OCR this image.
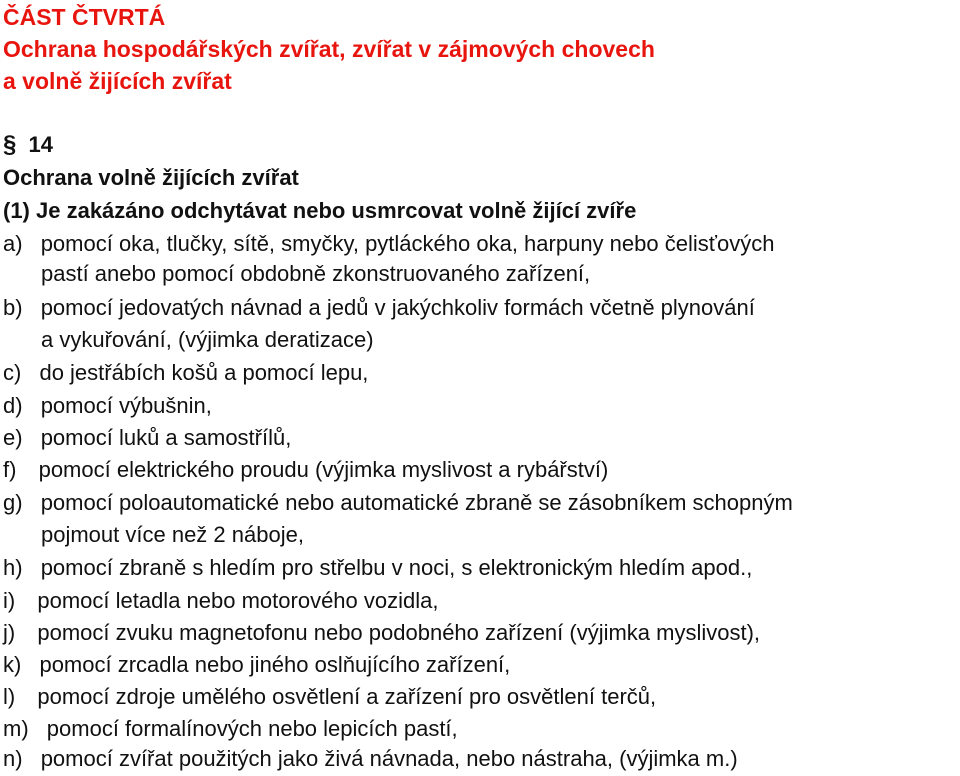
ČÁST ČTVRTÁ
Ochrana hospodářských zvířat, zvířat v zájmových chovech
a volně žijících zvířat
§ 14
Ochrana volně žijících zvířat
(1) Je zakázáno odchytávat nebo usmrcovat volně žijící zvíře
a) pomocí oka, tlučky, sítě, smyčky, pytláckého oka, harpuny nebo čelisťových
pastí anebo pomocí obdobně zkonstruovaného zařízení,
b) pomocí jedovatých návnad a jedů v jakýchkoliv formách včetně plynování
a vykuřování, (výjimka deratizace)
c) do jestřábích košů a pomocí lepu,
d) pomocí výbušnin,
e) pomocí luků a samostřílů,
f) pomocí elektrického proudu (výjimka myslivost a rybářství)
g) pomocí poloautomatické nebo automatické zbraně se zásobníkem schopným
pojmout více než 2 náboje,
h) pomocí zbraně s hledím pro střelbu v noci, s elektronickým hledím apod.,
i) pomocí letadla nebo motorového vozidla,
j) pomocí zvuku magnetofonu nebo podobného zařízení (výjimka myslivost),
k) pomocí zrcadla nebo jiného oslňujícího zařízení,
l) pomocí zdroje umělého osvětlení a zařízení pro osvětlení terčů,
m) pomocí formalínových nebo lepicích pastí,
n) pomocí zvířat použitých jako živá návnada, nebo nástraha, (výjimka m.)
